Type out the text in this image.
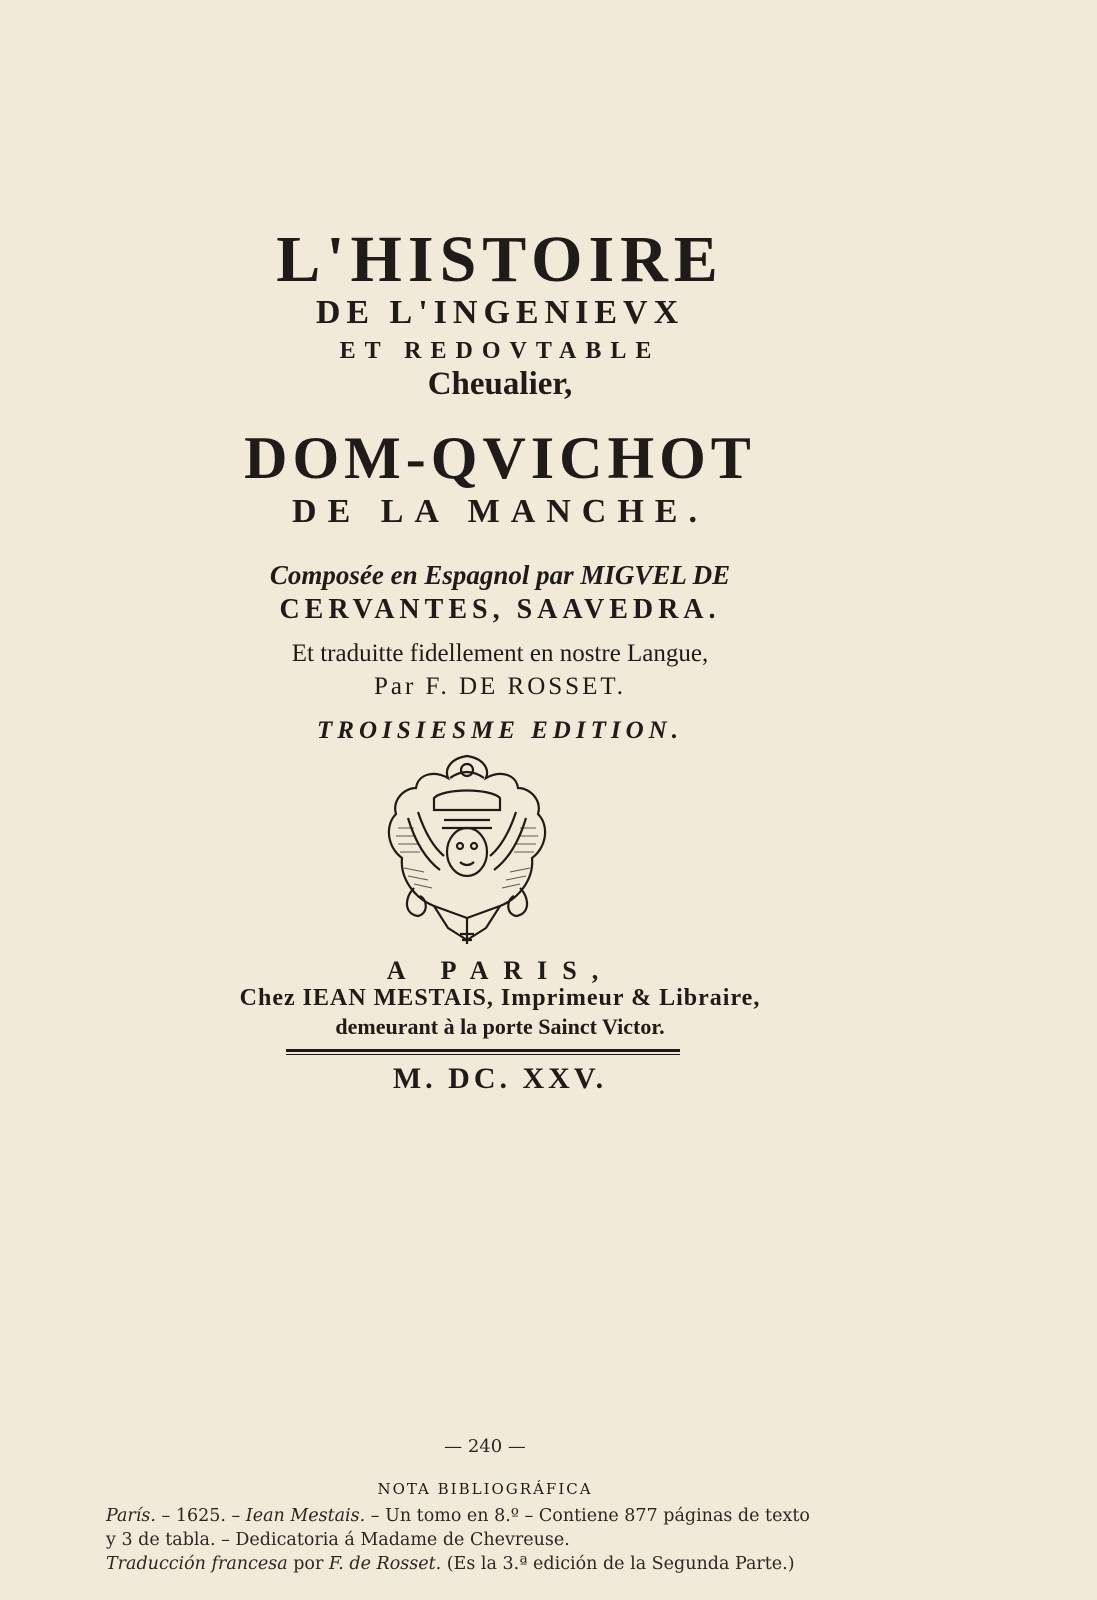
L'HISTOIRE
DE L'INGENIEVX
ET REDOVTABLE
Cheualier,
DOM-QVICHOT
DE LA MANCHE.
Composée en Espagnol par MIGVEL DE
CERVANTES, SAAVEDRA.
Et traduitte fidellement en nostre Langue,
Par F. DE ROSSET.
TROISIESME EDITION.
A PARIS,
Chez IEAN MESTAIS, Imprimeur & Libraire,
demeurant à la porte Sainct Victor.
M. DC. XXV.
— 240 —
NOTA BIBLIOGRÁFICA

París. – 1625. – Iean Mestais. – Un tomo en 8.º – Contiene 877 páginas de texto

y 3 de tabla. – Dedicatoria á Madame de Chevreuse.

Traducción francesa por F. de Rosset. (Es la 3.ª edición de la Segunda Parte.)
